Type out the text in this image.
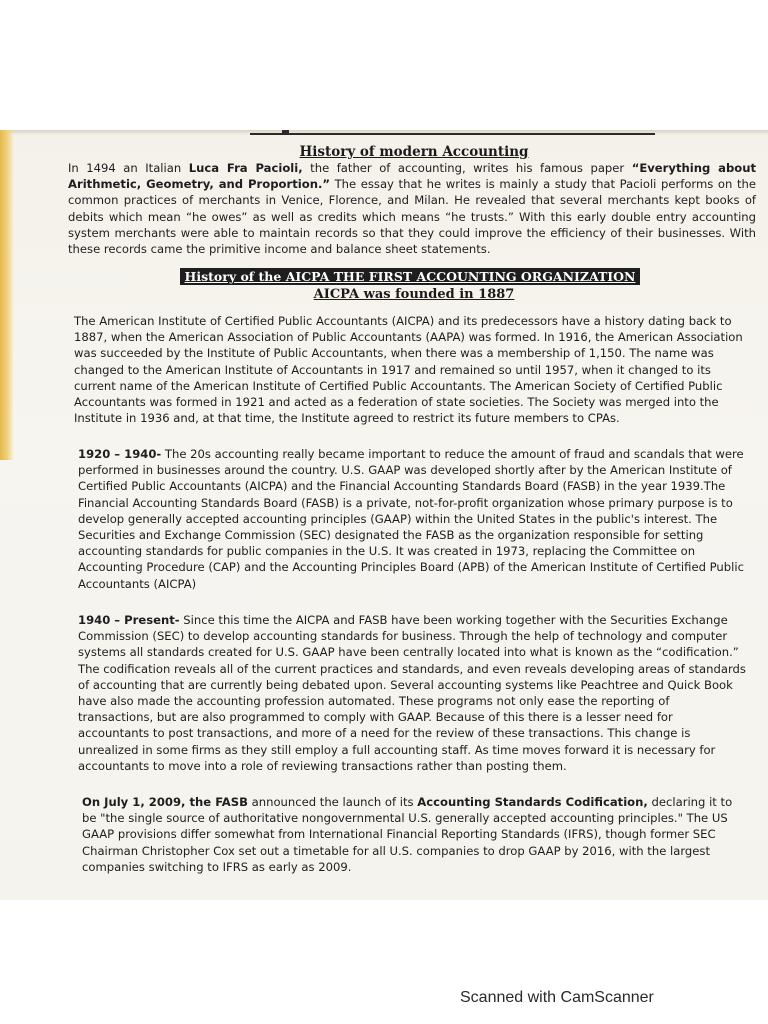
History of modern Accounting

In 1494 an Italian Luca Fra Pacioli, the father of accounting, writes his famous paper “Everything about Arithmetic, Geometry, and Proportion.” The essay that he writes is mainly a study that Pacioli performs on the common practices of merchants in Venice, Florence, and Milan. He revealed that several merchants kept books of debits which mean “he owes” as well as credits which means “he trusts.” With this early double entry accounting system merchants were able to maintain records so that they could improve the efficiency of their businesses. With these records came the primitive income and balance sheet statements.

History of the AICPA THE FIRST ACCOUNTING ORGANIZATION
AICPA was founded in 1887

The American Institute of Certified Public Accountants (AICPA) and its predecessors have a history dating back to 1887, when the American Association of Public Accountants (AAPA) was formed. In 1916, the American Association was succeeded by the Institute of Public Accountants, when there was a membership of 1,150. The name was changed to the American Institute of Accountants in 1917 and remained so until 1957, when it changed to its current name of the American Institute of Certified Public Accountants. The American Society of Certified Public Accountants was formed in 1921 and acted as a federation of state societies. The Society was merged into the Institute in 1936 and, at that time, the Institute agreed to restrict its future members to CPAs.

1920 – 1940- The 20s accounting really became important to reduce the amount of fraud and scandals that were performed in businesses around the country. U.S. GAAP was developed shortly after by the American Institute of Certified Public Accountants (AICPA) and the Financial Accounting Standards Board (FASB) in the year 1939.The Financial Accounting Standards Board (FASB) is a private, not-for-profit organization whose primary purpose is to develop generally accepted accounting principles (GAAP) within the United States in the public's interest. The Securities and Exchange Commission (SEC) designated the FASB as the organization responsible for setting accounting standards for public companies in the U.S. It was created in 1973, replacing the Committee on Accounting Procedure (CAP) and the Accounting Principles Board (APB) of the American Institute of Certified Public Accountants (AICPA)

1940 – Present- Since this time the AICPA and FASB have been working together with the Securities Exchange Commission (SEC) to develop accounting standards for business. Through the help of technology and computer systems all standards created for U.S. GAAP have been centrally located into what is known as the “codification.” The codification reveals all of the current practices and standards, and even reveals developing areas of standards of accounting that are currently being debated upon. Several accounting systems like Peachtree and Quick Book have also made the accounting profession automated. These programs not only ease the reporting of transactions, but are also programmed to comply with GAAP. Because of this there is a lesser need for accountants to post transactions, and more of a need for the review of these transactions. This change is unrealized in some firms as they still employ a full accounting staff. As time moves forward it is necessary for accountants to move into a role of reviewing transactions rather than posting them.

On July 1, 2009, the FASB announced the launch of its Accounting Standards Codification, declaring it to be "the single source of authoritative nongovernmental U.S. generally accepted accounting principles." The US GAAP provisions differ somewhat from International Financial Reporting Standards (IFRS), though former SEC Chairman Christopher Cox set out a timetable for all U.S. companies to drop GAAP by 2016, with the largest companies switching to IFRS as early as 2009.

Scanned with CamScanner
